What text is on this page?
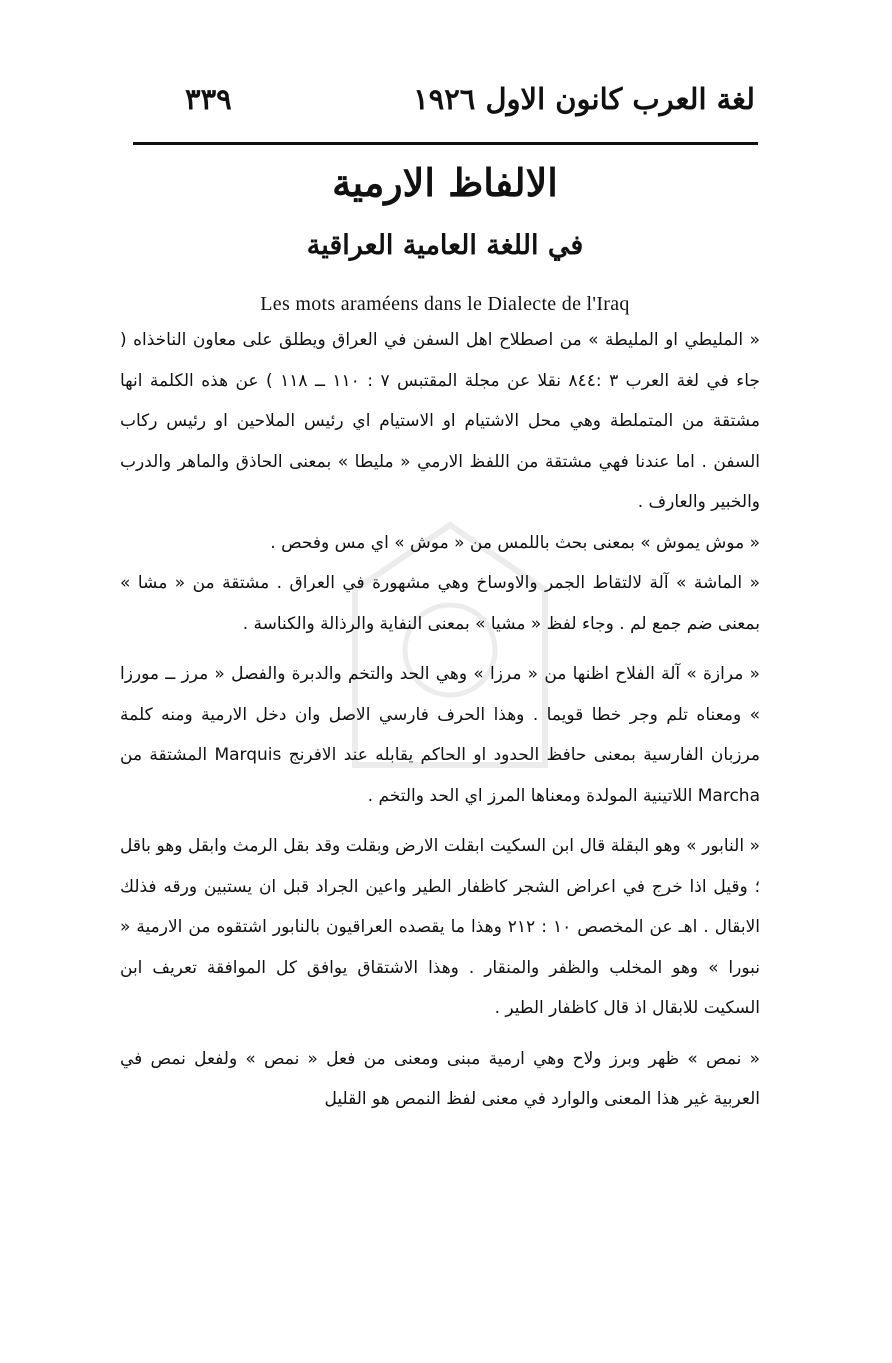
لغة العرب كانون الاول ١٩٢٦
٣٣٩
الالفاظ الارمية
في اللغة العامية العراقية
Les mots araméens dans le Dialecte de l'Iraq

« المليطي او المليطة » من اصطلاح اهل السفن في العراق ويطلق على معاون الناخذاه ( جاء في لغة العرب ٣ :٨٤٤ نقلا عن مجلة المقتبس ٧ : ١١٠ ــ ١١٨ ) عن هذه الكلمة انها مشتقة من المتملطة وهي محل الاشتيام او الاستيام اي رئيس الملاحين او رئيس ركاب السفن . اما عندنا فهي مشتقة من اللفظ الارمي « مليطا » بمعنى الحاذق والماهر والدرب والخبير والعارف .

« موش يموش » بمعنى بحث باللمس من « موش » اي مس وفحص .

« الماشة » آلة لالتقاط الجمر والاوساخ وهي مشهورة في العراق . مشتقة من « مشا » بمعنى ضم جمع لم . وجاء لفظ « مشيا » بمعنى النفاية والرذالة والكناسة .

« مرازة » آلة الفلاح اظنها من « مرزا » وهي الحد والتخم والدبرة والفصل « مرز ــ مورزا » ومعناه تلم وجر خطا قويما . وهذا الحرف فارسي الاصل وان دخل الارمية ومنه كلمة مرزبان الفارسية بمعنى حافظ الحدود او الحاكم يقابله عند الافرنج Marquis المشتقة من Marcha اللاتينية المولدة ومعناها المرز اي الحد والتخم .

« النابور » وهو البقلة قال ابن السكيت ابقلت الارض وبقلت وقد بقل الرمث وابقل وهو باقل ؛ وقيل اذا خرج في اعراض الشجر كاظفار الطير واعين الجراد قبل ان يستبين ورقه فذلك الابقال . اهـ عن المخصص ١٠ : ٢١٢ وهذا ما يقصده العراقيون بالنابور اشتقوه من الارمية « نبورا » وهو المخلب والظفر والمنقار . وهذا الاشتقاق يوافق كل الموافقة تعريف ابن السكيت للابقال اذ قال كاظفار الطير .

« نمص » ظهر وبرز ولاح وهي ارمية مبنى ومعنى من فعل « نمص » ولفعل نمص في العربية غير هذا المعنى والوارد في معنى لفظ النمص هو القليل
